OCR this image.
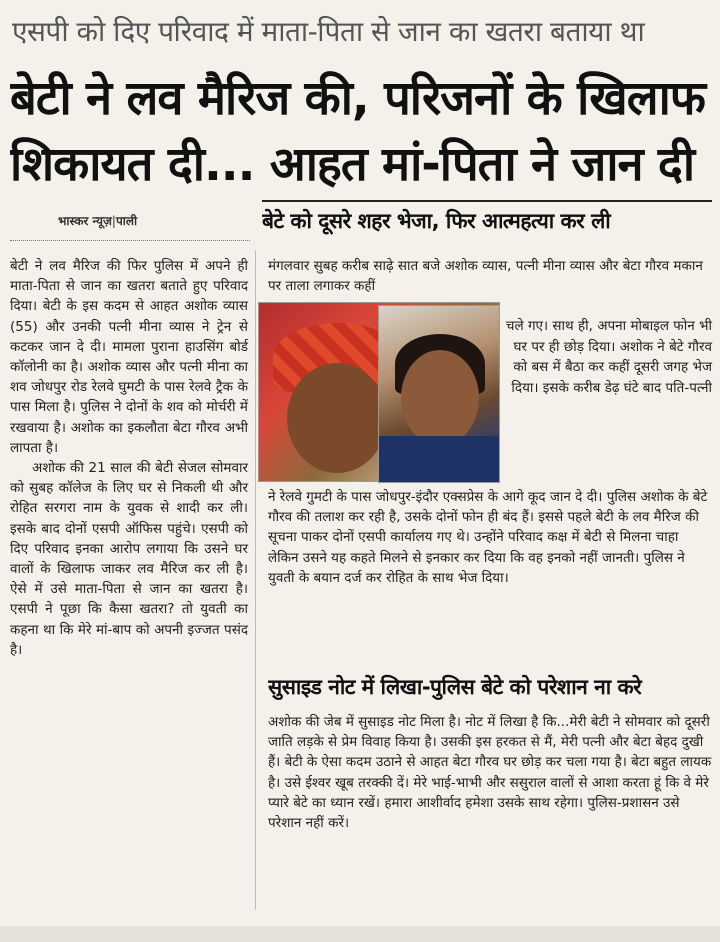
एसपी को दिए परिवाद में माता-पिता से जान का खतरा बताया था
बेटी ने लव मैरिज की, परिजनों के खिलाफ
शिकायत दी... आहत मां-पिता ने जान दी
भास्कर न्यूज़|पाली	बेटे को दूसरे शहर भेजा, फिर आत्महत्या कर ली

बेटी ने लव मैरिज की फिर पुलिस में अपने ही माता-पिता से जान का खतरा बताते हुए परिवाद दिया। बेटी के इस कदम से आहत अशोक व्यास (55) और उनकी पत्नी मीना व्यास ने ट्रेन से कटकर जान दे दी। मामला पुराना हाउसिंग बोर्ड कॉलोनी का है। अशोक व्यास और पत्नी मीना का शव जोधपुर रोड रेलवे घुमटी के पास रेलवे ट्रैक के पास मिला है। पुलिस ने दोनों के शव को मोर्चरी में रखवाया है। अशोक का इकलौता बेटा गौरव अभी लापता है।

अशोक की 21 साल की बेटी सेजल सोमवार को सुबह कॉलेज के लिए घर से निकली थी और रोहित सरगरा नाम के युवक से शादी कर ली। इसके बाद दोनों एसपी ऑफिस पहुंचे। एसपी को दिए परिवाद इनका आरोप लगाया कि उसने घर वालों के खिलाफ जाकर लव मैरिज कर ली है। ऐसे में उसे माता-पिता से जान का खतरा है। एसपी ने पूछा कि कैसा खतरा? तो युवती का कहना था कि मेरे मां-बाप को अपनी इज्जत पसंद है।

मंगलवार सुबह करीब साढ़े सात बजे अशोक व्यास, पत्नी मीना व्यास और बेटा गौरव मकान पर ताला लगाकर कहीं

चले गए। साथ ही, अपना मोबाइल फोन भी घर पर ही छोड़ दिया। अशोक ने बेटे गौरव को बस में बैठा कर कहीं दूसरी जगह भेज दिया। इसके करीब डेढ़ घंटे बाद पति-पत्नी

ने रेलवे गुमटी के पास जोधपुर-इंदौर एक्सप्रेस के आगे कूद जान दे दी। पुलिस अशोक के बेटे गौरव की तलाश कर रही है, उसके दोनों फोन ही बंद हैं। इससे पहले बेटी के लव मैरिज की सूचना पाकर दोनों एसपी कार्यालय गए थे। उन्होंने परिवाद कक्ष में बेटी से मिलना चाहा लेकिन उसने यह कहते मिलने से इनकार कर दिया कि वह इनको नहीं जानती। पुलिस ने युवती के बयान दर्ज कर रोहित के साथ भेज दिया।

सुसाइड नोट में लिखा-पुलिस बेटे को परेशान ना करे

अशोक की जेब में सुसाइड नोट मिला है। नोट में लिखा है कि...मेरी बेटी ने सोमवार को दूसरी जाति लड़के से प्रेम विवाह किया है। उसकी इस हरकत से मैं, मेरी पत्नी और बेटा बेहद दुखी हैं। बेटी के ऐसा कदम उठाने से आहत बेटा गौरव घर छोड़ कर चला गया है। बेटा बहुत लायक है। उसे ईश्वर खूब तरक्की दें। मेरे भाई-भाभी और ससुराल वालों से आशा करता हूं कि वे मेरे प्यारे बेटे का ध्यान रखें। हमारा आशीर्वाद हमेशा उसके साथ रहेगा। पुलिस-प्रशासन उसे परेशान नहीं करें।
